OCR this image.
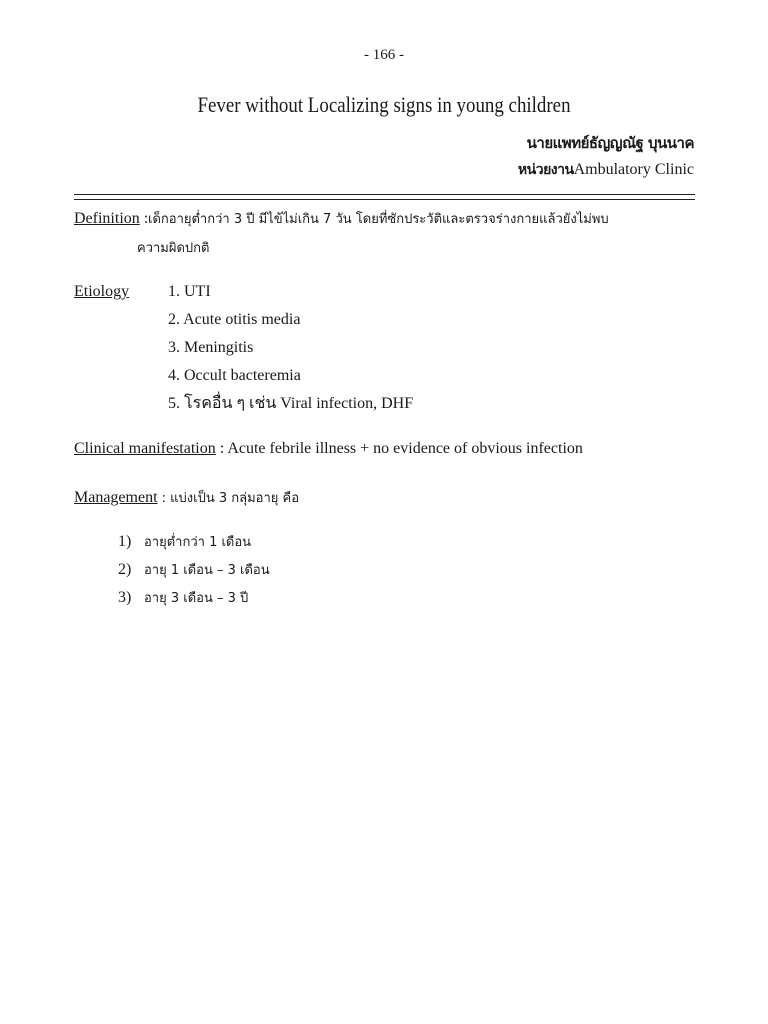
- 166 -
Fever without Localizing signs in young children
นายแพทย์ธัญญณัฐ บุนนาค
หน่วยงานAmbulatory Clinic
Definition :เด็กอายุต่ำกว่า 3 ปี มีไข้ไม่เกิน 7 วัน โดยที่ซักประวัติและตรวจร่างกายแล้วยังไม่พบ
ความผิดปกติ
Etiology 1. UTI
2. Acute otitis media
3. Meningitis
4. Occult bacteremia
5. โรคอื่น ๆ เช่น Viral infection, DHF
Clinical manifestation : Acute febrile illness + no evidence of obvious infection
Management : แบ่งเป็น 3 กลุ่มอายุ คือ
1) อายุต่ำกว่า 1 เดือน
2) อายุ 1 เดือน – 3 เดือน
3) อายุ 3 เดือน – 3 ปี
